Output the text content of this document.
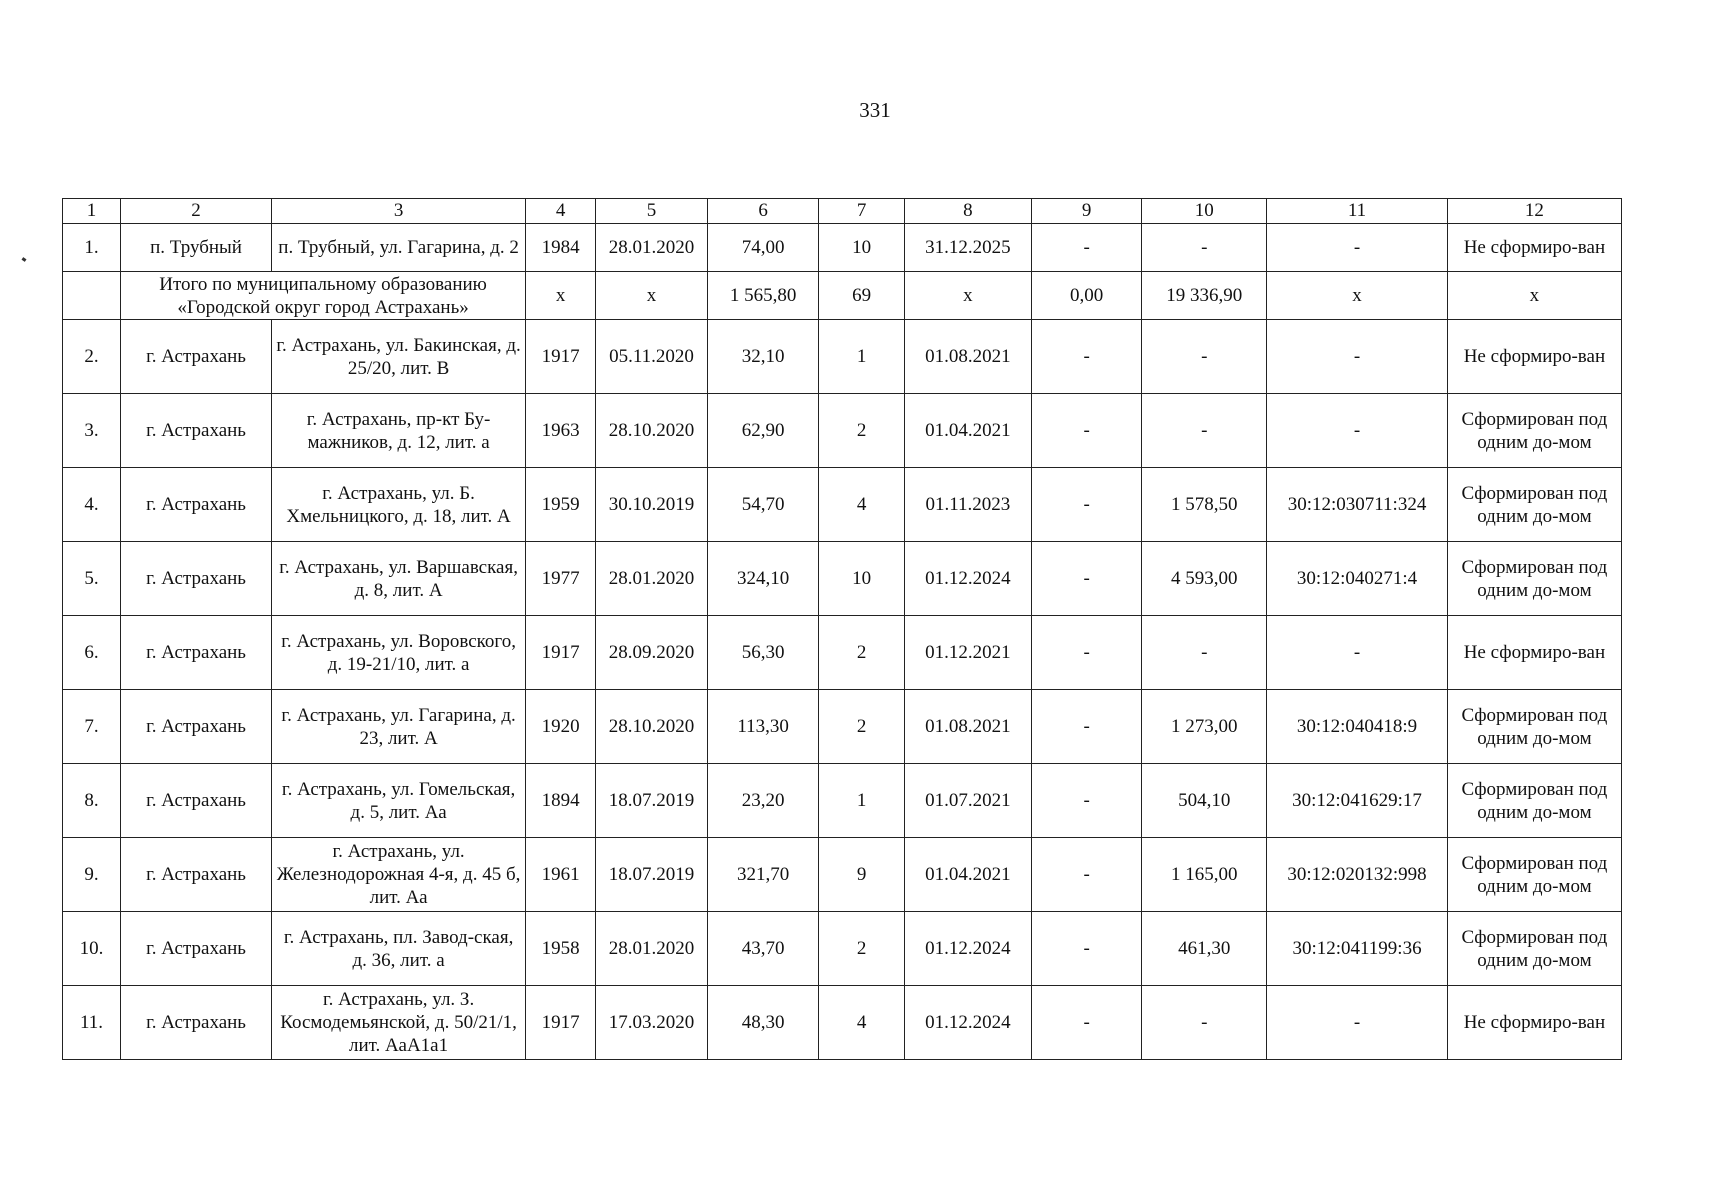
331
1	2	3	4	5	6	7	8	9	10	11	12
1.	п. Трубный	п. Трубный, ул. Гагарина, д. 2	1984	28.01.2020	74,00	10	31.12.2025	-	-	-	Не сформиро-ван
	Итого по муниципальному образованию «Городской округ город Астрахань»		х	х	1 565,80	69	х	0,00	19 336,90	х	х
2.	г. Астрахань	г. Астрахань, ул. Бакинская, д. 25/20, лит. В	1917	05.11.2020	32,10	1	01.08.2021	-	-	-	Не сформиро-ван
3.	г. Астрахань	г. Астрахань, пр-кт Бу-мажников, д. 12, лит. а	1963	28.10.2020	62,90	2	01.04.2021	-	-	-	Сформирован под одним до-мом
4.	г. Астрахань	г. Астрахань, ул. Б. Хмельницкого, д. 18, лит. А	1959	30.10.2019	54,70	4	01.11.2023	-	1 578,50	30:12:030711:324	Сформирован под одним до-мом
5.	г. Астрахань	г. Астрахань, ул. Варшавская, д. 8, лит. А	1977	28.01.2020	324,10	10	01.12.2024	-	4 593,00	30:12:040271:4	Сформирован под одним до-мом
6.	г. Астрахань	г. Астрахань, ул. Воровского, д. 19-21/10, лит. а	1917	28.09.2020	56,30	2	01.12.2021	-	-	-	Не сформиро-ван
7.	г. Астрахань	г. Астрахань, ул. Гагарина, д. 23, лит. А	1920	28.10.2020	113,30	2	01.08.2021	-	1 273,00	30:12:040418:9	Сформирован под одним до-мом
8.	г. Астрахань	г. Астрахань, ул. Гомельская, д. 5, лит. Аа	1894	18.07.2019	23,20	1	01.07.2021	-	504,10	30:12:041629:17	Сформирован под одним до-мом
9.	г. Астрахань	г. Астрахань, ул. Железнодорожная 4-я, д. 45 б, лит. Аа	1961	18.07.2019	321,70	9	01.04.2021	-	1 165,00	30:12:020132:998	Сформирован под одним до-мом
10.	г. Астрахань	г. Астрахань, пл. Завод-ская, д. 36, лит. а	1958	28.01.2020	43,70	2	01.12.2024	-	461,30	30:12:041199:36	Сформирован под одним до-мом
11.	г. Астрахань	г. Астрахань, ул. З. Космодемьянской, д. 50/21/1, лит. АаА1а1	1917	17.03.2020	48,30	4	01.12.2024	-	-	-	Не сформиро-ван
